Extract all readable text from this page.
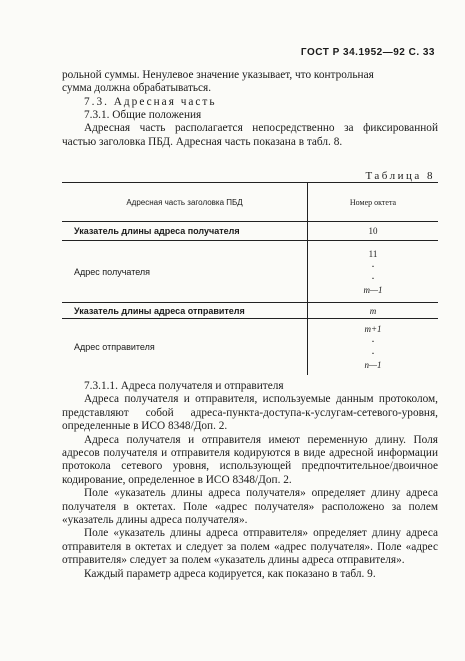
ГОСТ Р 34.1952—92 С. 33

рольной суммы. Ненулевое значение указывает, что контрольная

сумма должна обрабатываться.

7.3. Адресная часть

7.3.1. Общие положения

Адресная часть располагается непосредственно за фиксированной частью заголовка ПБД. Адресная часть показана в табл. 8.

Таблица 8
Адресная часть заголовка ПБД	Номер октета
Указатель длины адреса получателя	10

Адрес получателя	11
·
·
m—1

Указатель длины адреса отправителя	m

Адрес отправителя	m+1
·
·
n—1

7.3.1.1. Адреса получателя и отправителя

Адреса получателя и отправителя, используемые данным протоколом, представляют собой адреса-пункта-доступа-к-услугам-сетевого-уровня, определенные в ИСО 8348/Доп. 2.

Адреса получателя и отправителя имеют переменную длину. Поля адресов получателя и отправителя кодируются в виде адресной информации протокола сетевого уровня, использующей предпочтительное/двоичное кодирование, определенное в ИСО 8348/Доп. 2.

Поле «указатель длины адреса получателя» определяет длину адреса получателя в октетах. Поле «адрес получателя» расположено за полем «указатель длины адреса получателя».

Поле «указатель длины адреса отправителя» определяет длину адреса отправителя в октетах и следует за полем «адрес получателя». Поле «адрес отправителя» следует за полем «указатель длины адреса отправителя».

Каждый параметр адреса кодируется, как показано в табл. 9.
